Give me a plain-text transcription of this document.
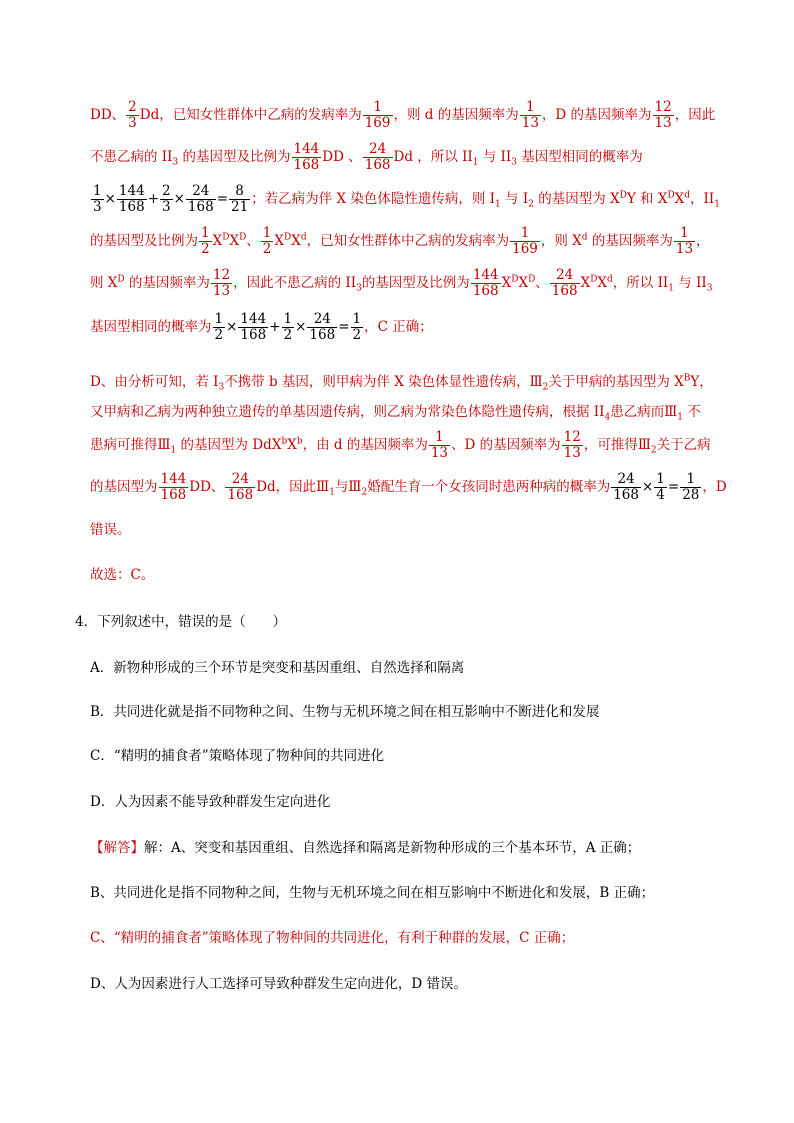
DD、 $\frac{2}{3}$ Dd，已知女性群体中乙病的发病率为 $\frac{1}{169}$ ，则 d 的基因频率为 $\frac{1}{13}$ ，D 的基因频率为 $\frac{12}{13}$ ，因此
不患乙病的 $II_3$ 的基因型及比例为 $\frac{144}{168}$ DD 、 $\frac{24}{168}$ Dd ，所以 $II_1$ 与 $II_3$ 基因型相同的概率为
$\frac{1}{3} \times \frac{144}{168} + \frac{2}{3} \times \frac{24}{168} = \frac{8}{21}$ ；若乙病为伴 X 染色体隐性遗传病，则 $I_1$ 与 $I_2$ 的基因型为 $X^DY$ 和 $X^DX^d$，$II_1$
的基因型及比例为 $\frac{1}{2} X^DX^D$、 $\frac{1}{2} X^DX^d$，已知女性群体中乙病的发病率为 $\frac{1}{169}$ ，则 $X^d$ 的基因频率为 $\frac{1}{13}$ ，
则 $X^D$ 的基因频率为 $\frac{12}{13}$ ，因此不患乙病的 $II_3$的基因型及比例为 $\frac{144}{168} X^DX^D$、 $\frac{24}{168} X^DX^d$，所以 $II_1$ 与 $II_3$
基因型相同的概率为 $\frac{1}{2} \times \frac{144}{168} + \frac{1}{2} \times \frac{24}{168} = \frac{1}{2}$ ，C 正确；
D、由分析可知，若 $I_3$不携带 b 基因，则甲病为伴 X 染色体显性遗传病，$Ⅲ_2$关于甲病的基因型为 $X^BY$，
又甲病和乙病为两种独立遗传的单基因遗传病，则乙病为常染色体隐性遗传病，根据 $II_4$患乙病而$Ⅲ_1$ 不
患病可推得$Ⅲ_1$ 的基因型为 $DdX^bX^b$，由 d 的基因频率为 $\frac{1}{13}$ 、D 的基因频率为 $\frac{12}{13}$ ，可推得$Ⅲ_2$关于乙病
的基因型为 $\frac{144}{168}$ DD、 $\frac{24}{168}$ Dd，因此$Ⅲ_1$与$Ⅲ_2$婚配生育一个女孩同时患两种病的概率为 $\frac{24}{168} \times \frac{1}{4} = \frac{1}{28}$ ，D
错误。
故选：C。
4．下列叙述中，错误的是（　　）
A．新物种形成的三个环节是突变和基因重组、自然选择和隔离
B．共同进化就是指不同物种之间、生物与无机环境之间在相互影响中不断进化和发展
C．“精明的捕食者”策略体现了物种间的共同进化
D．人为因素不能导致种群发生定向进化
【解答】解：A、突变和基因重组、自然选择和隔离是新物种形成的三个基本环节，A 正确；
B、共同进化是指不同物种之间，生物与无机环境之间在相互影响中不断进化和发展，B 正确；
C、“精明的捕食者”策略体现了物种间的共同进化，有利于种群的发展，C 正确；
D、人为因素进行人工选择可导致种群发生定向进化，D 错误。
